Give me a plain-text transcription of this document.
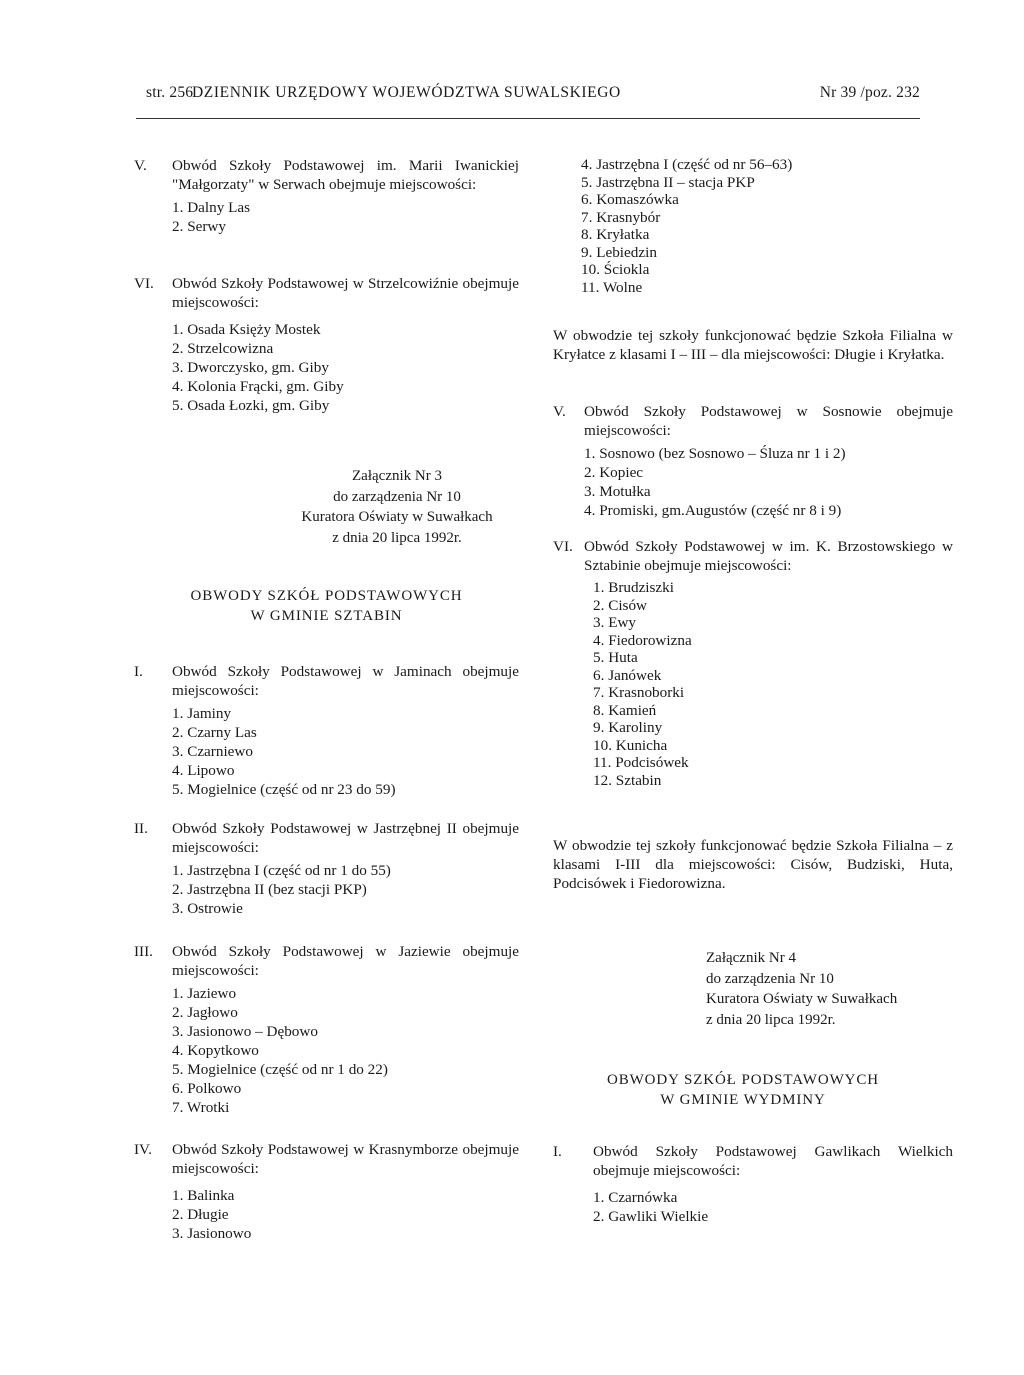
str. 256
DZIENNIK URZĘDOWY WOJEWÓDZTWA SUWALSKIEGO	Nr 39 /poz. 232
V. Obwód Szkoły Podstawowej im. Marii Iwanickiej "Małgorzaty" w Serwach obejmuje miejscowości:
1. Dalny Las
2. Serwy
VI. Obwód Szkoły Podstawowej w Strzelcowiźnie obejmuje miejscowości:
1. Osada Księży Mostek
2. Strzelcowizna
3. Dworczysko, gm. Giby
4. Kolonia Frącki, gm. Giby
5. Osada Łozki, gm. Giby
Załącznik Nr 3
do zarządzenia Nr 10
Kuratora Oświaty w Suwałkach
z dnia 20 lipca 1992r.
OBWODY SZKÓŁ PODSTAWOWYCH
W GMINIE SZTABIN
I. Obwód Szkoły Podstawowej w Jaminach obejmuje miejscowości:
1. Jaminy
2. Czarny Las
3. Czarniewo
4. Lipowo
5. Mogielnice (część od nr 23 do 59)
II. Obwód Szkoły Podstawowej w Jastrzębnej II obejmuje miejscowości:
1. Jastrzębna I (część od nr 1 do 55)
2. Jastrzębna II (bez stacji PKP)
3. Ostrowie
III. Obwód Szkoły Podstawowej w Jaziewie obejmuje miejscowości:
1. Jaziewo
2. Jagłowo
3. Jasionowo – Dębowo
4. Kopytkowo
5. Mogielnice (część od nr 1 do 22)
6. Polkowo
7. Wrotki
IV. Obwód Szkoły Podstawowej w Krasnymborze obejmuje miejscowości:
1. Balinka
2. Długie
3. Jasionowo
4. Jastrzębna I (część od nr 56–63)
5. Jastrzębna II – stacja PKP
6. Komaszówka
7. Krasnybór
8. Kryłatka
9. Lebiedzin
10. Ściokla
11. Wolne
W obwodzie tej szkoły funkcjonować będzie Szkoła Filialna w Kryłatce z klasami I – III – dla miejscowości: Długie i Kryłatka.
V. Obwód Szkoły Podstawowej w Sosnowie obejmuje miejscowości:
1. Sosnowo (bez Sosnowo – Śluza nr 1 i 2)
2. Kopiec
3. Motułka
4. Promiski, gm.Augustów (część nr 8 i 9)
VI. Obwód Szkoły Podstawowej w im. K. Brzostowskiego w Sztabinie obejmuje miejscowości:
1. Brudziszki
2. Cisów
3. Ewy
4. Fiedorowizna
5. Huta
6. Janówek
7. Krasnoborki
8. Kamień
9. Karoliny
10. Kunicha
11. Podcisówek
12. Sztabin
W obwodzie tej szkoły funkcjonować będzie Szkoła Filialna – z klasami I-III dla miejscowości: Cisów, Budziski, Huta, Podcisówek i Fiedorowizna.
Załącznik Nr 4
do zarządzenia Nr 10
Kuratora Oświaty w Suwałkach
z dnia 20 lipca 1992r.
OBWODY SZKÓŁ PODSTAWOWYCH
W GMINIE WYDMINY
I. Obwód Szkoły Podstawowej Gawlikach Wielkich obejmuje miejscowości:
1. Czarnówka
2. Gawliki Wielkie
